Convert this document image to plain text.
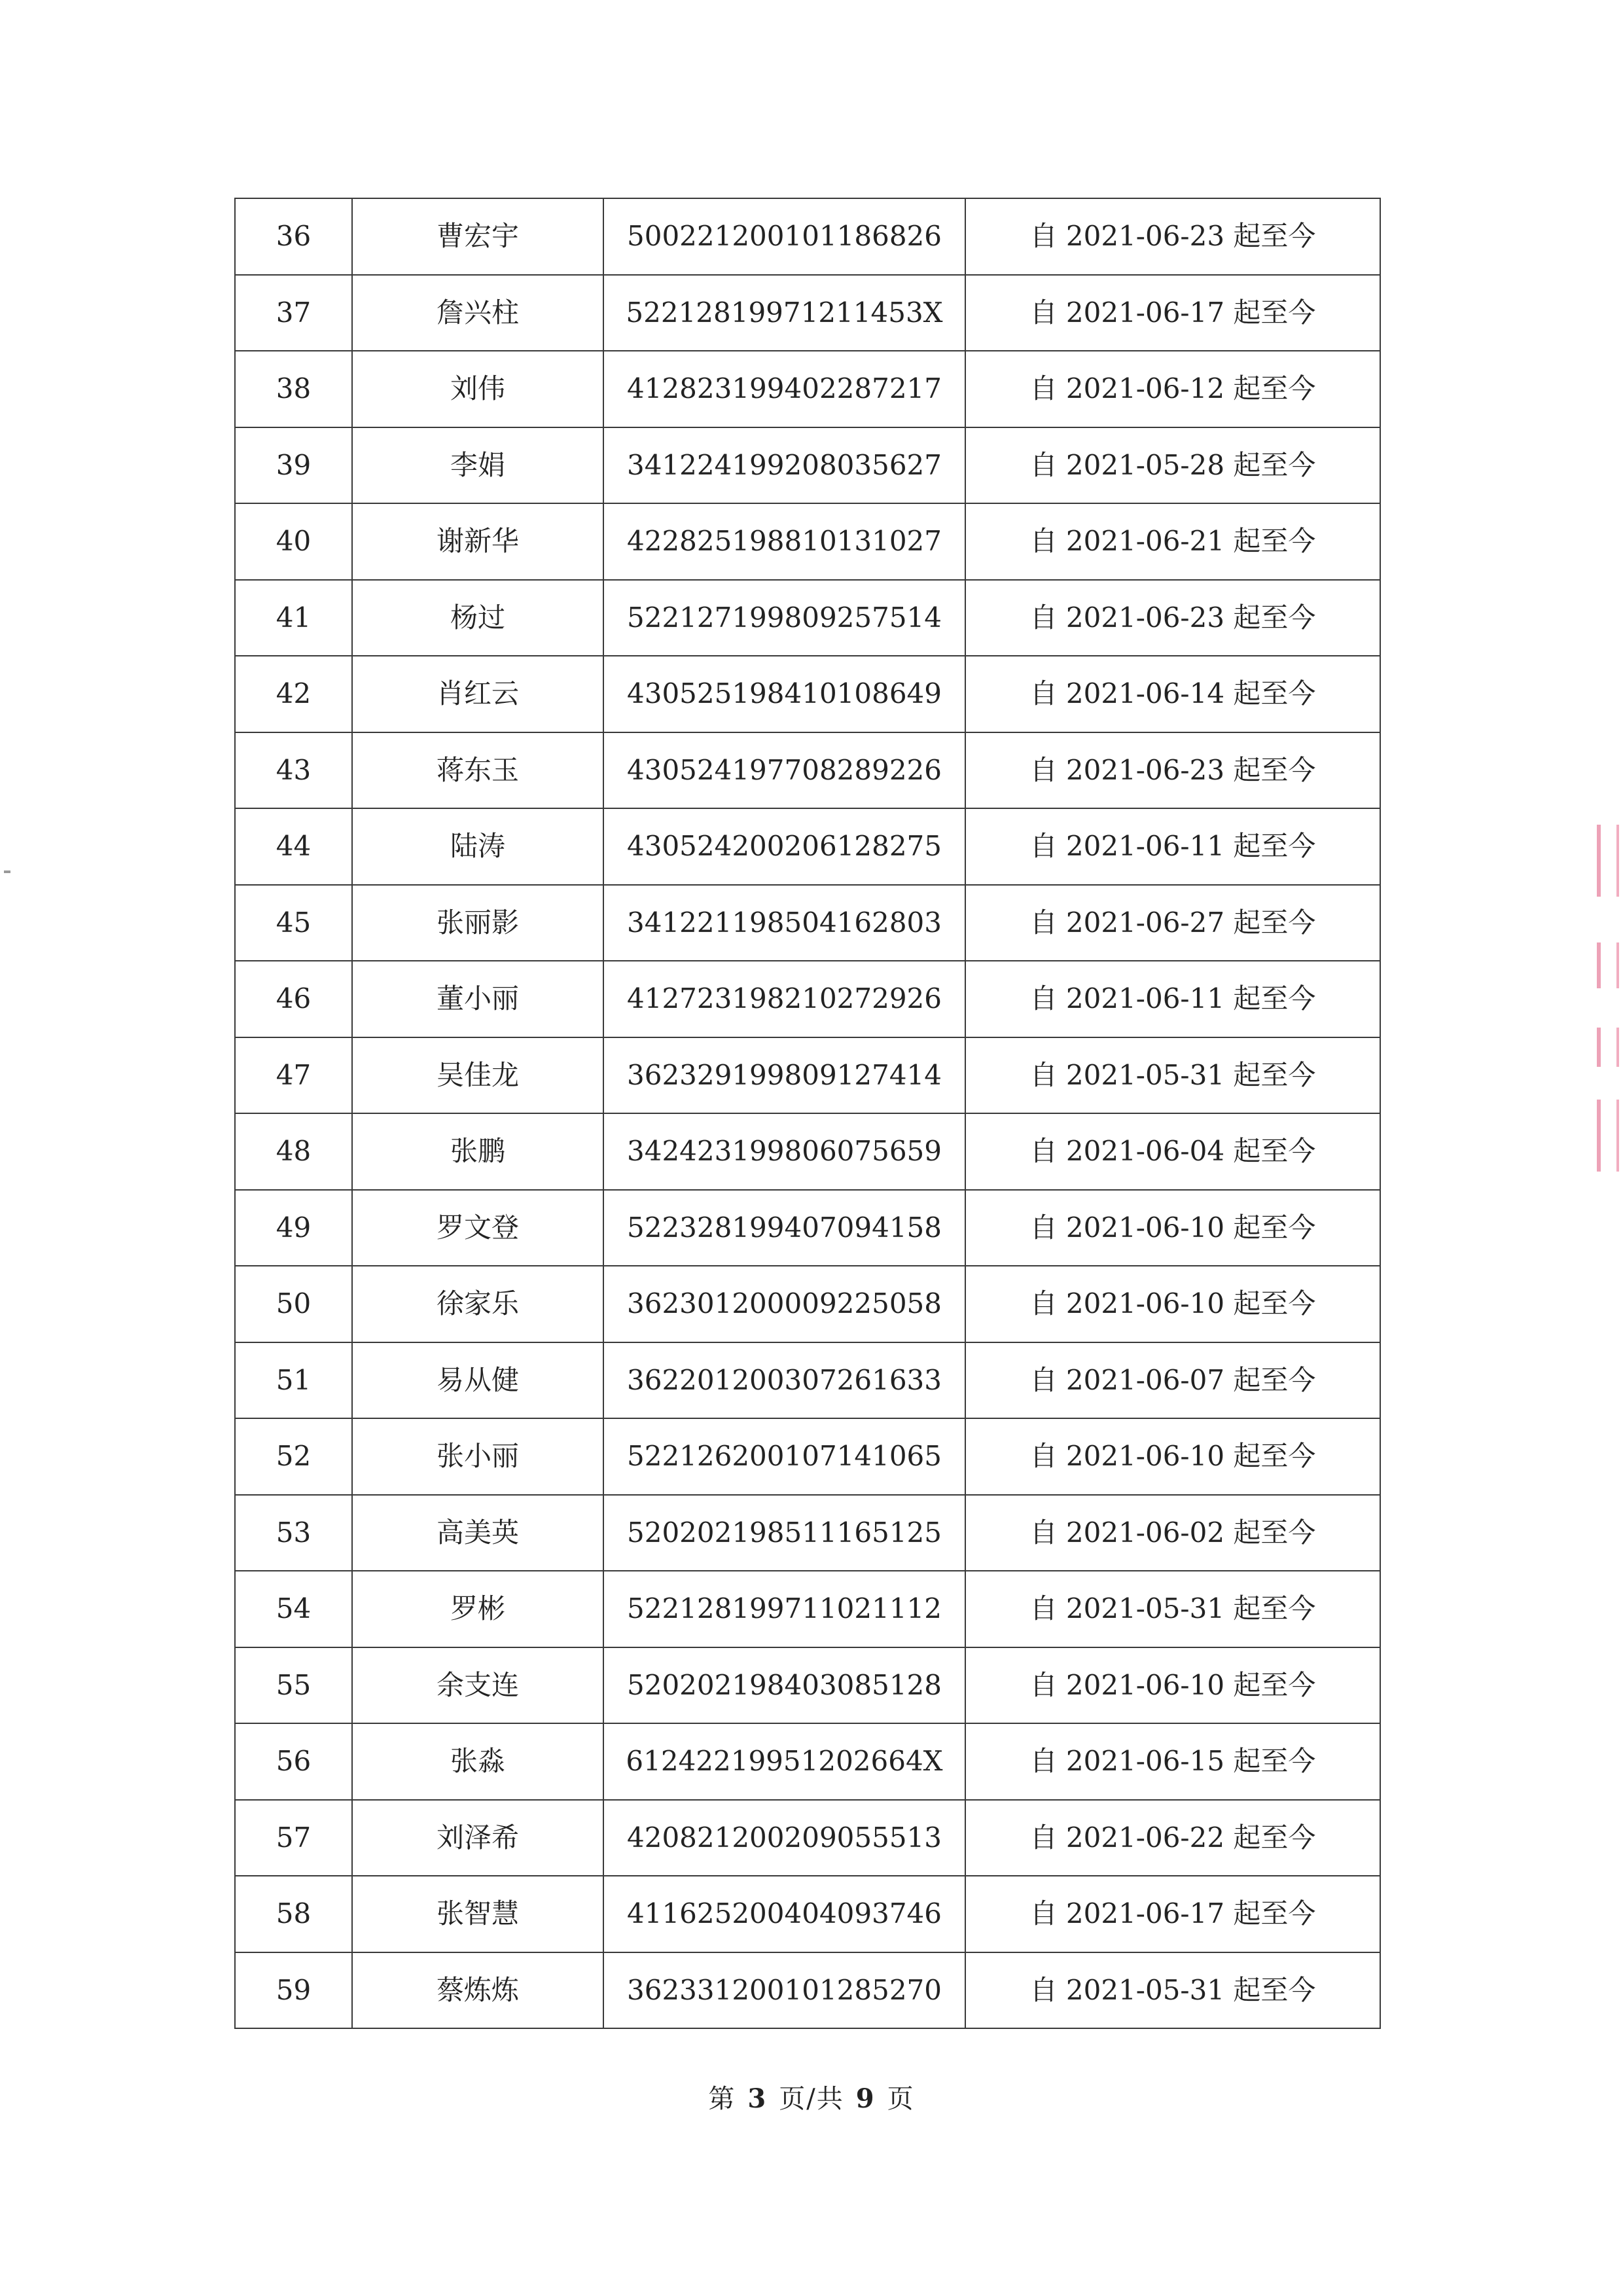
36	曹宏宇	500221200101186826	自 2021-06-23 起至今
37	詹兴柱	52212819971211453X	自 2021-06-17 起至今
38	刘伟	412823199402287217	自 2021-06-12 起至今
39	李娟	341224199208035627	自 2021-05-28 起至今
40	谢新华	422825198810131027	自 2021-06-21 起至今
41	杨过	522127199809257514	自 2021-06-23 起至今
42	肖红云	430525198410108649	自 2021-06-14 起至今
43	蒋东玉	430524197708289226	自 2021-06-23 起至今
44	陆涛	430524200206128275	自 2021-06-11 起至今
45	张丽影	341221198504162803	自 2021-06-27 起至今
46	董小丽	412723198210272926	自 2021-06-11 起至今
47	吴佳龙	362329199809127414	自 2021-05-31 起至今
48	张鹏	342423199806075659	自 2021-06-04 起至今
49	罗文登	522328199407094158	自 2021-06-10 起至今
50	徐家乐	362301200009225058	自 2021-06-10 起至今
51	易从健	362201200307261633	自 2021-06-07 起至今
52	张小丽	522126200107141065	自 2021-06-10 起至今
53	高美英	520202198511165125	自 2021-06-02 起至今
54	罗彬	522128199711021112	自 2021-05-31 起至今
55	余支连	520202198403085128	自 2021-06-10 起至今
56	张淼	61242219951202664X	自 2021-06-15 起至今
57	刘泽希	420821200209055513	自 2021-06-22 起至今
58	张智慧	411625200404093746	自 2021-06-17 起至今
59	蔡炼炼	362331200101285270	自 2021-05-31 起至今
第 3 页/共 9 页
